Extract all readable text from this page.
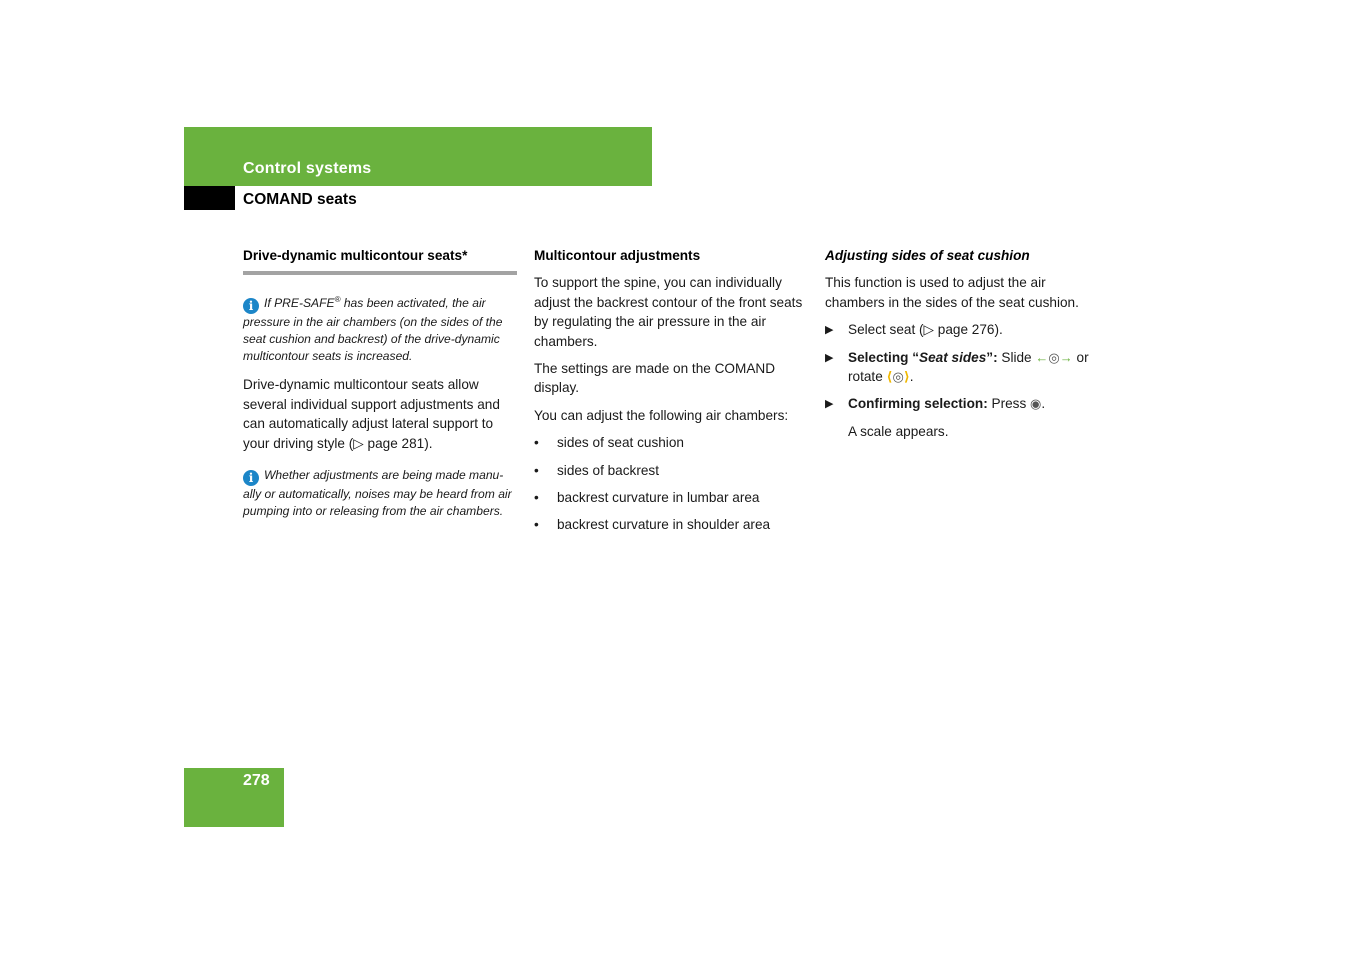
Control systems
COMAND seats
Drive-dynamic multicontour seats*
i If PRE-SAFE® has been activated, the air pressure in the air chambers (on the sides of the seat cushion and backrest) of the drive-dynamic multicontour seats is increased.

Drive-dynamic multicontour seats allow several individual support adjustments and can automatically adjust lateral support to your driving style (▷ page 281).

i Whether adjustments are being made manu-ally or automatically, noises may be heard from air pumping into or releasing from the air chambers.
Multicontour adjustments

To support the spine, you can individually adjust the backrest contour of the front seats by regulating the air pressure in the air chambers.

The settings are made on the COMAND display.

You can adjust the following air chambers:

• sides of seat cushion
• sides of backrest
• backrest curvature in lumbar area
• backrest curvature in shoulder area
Adjusting sides of seat cushion

This function is used to adjust the air chambers in the sides of the seat cushion.

▶ Select seat (▷ page 276).
▶ Selecting “Seat sides”: Slide ←◎→ or
rotate ⟨◎⟩.
▶ Confirming selection: Press ◉.
A scale appears.
278
